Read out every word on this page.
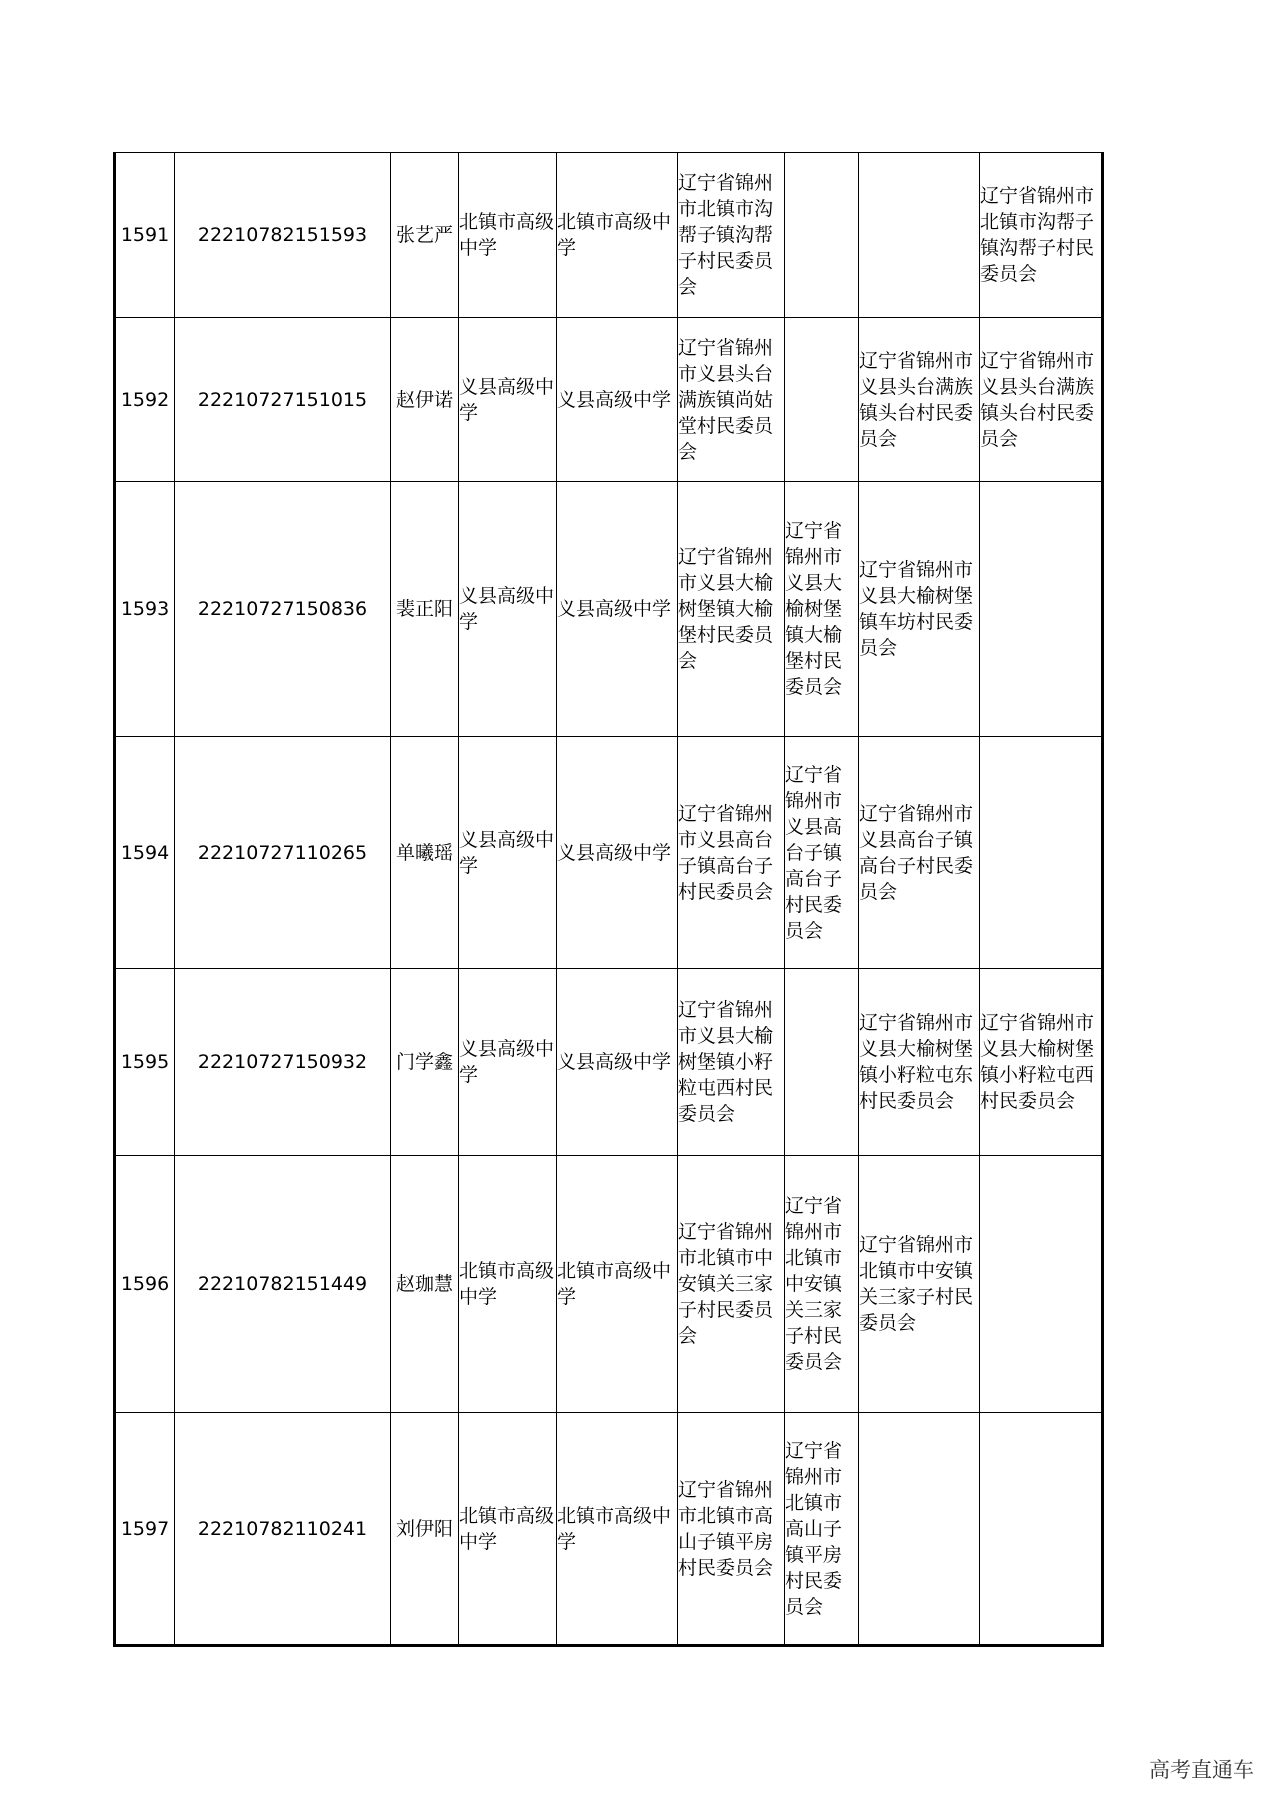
1591	22210782151593	张艺严	北镇市高级中学	北镇市高级中学	辽宁省锦州市北镇市沟帮子镇沟帮子村民委员会			辽宁省锦州市北镇市沟帮子镇沟帮子村民委员会
1592	22210727151015	赵伊诺	义县高级中学	义县高级中学	辽宁省锦州市义县头台满族镇尚姑堂村民委员会		辽宁省锦州市义县头台满族镇头台村民委员会	辽宁省锦州市义县头台满族镇头台村民委员会
1593	22210727150836	裴正阳	义县高级中学	义县高级中学	辽宁省锦州市义县大榆树堡镇大榆堡村民委员会	辽宁省锦州市义县大榆树堡镇大榆堡村民委员会	辽宁省锦州市义县大榆树堡镇车坊村民委员会	
1594	22210727110265	单曦瑶	义县高级中学	义县高级中学	辽宁省锦州市义县高台子镇高台子村民委员会	辽宁省锦州市义县高台子镇高台子村民委员会	辽宁省锦州市义县高台子镇高台子村民委员会	
1595	22210727150932	门学鑫	义县高级中学	义县高级中学	辽宁省锦州市义县大榆树堡镇小籽粒屯西村民委员会		辽宁省锦州市义县大榆树堡镇小籽粒屯东村民委员会	辽宁省锦州市义县大榆树堡镇小籽粒屯西村民委员会
1596	22210782151449	赵珈慧	北镇市高级中学	北镇市高级中学	辽宁省锦州市北镇市中安镇关三家子村民委员会	辽宁省锦州市北镇市中安镇关三家子村民委员会	辽宁省锦州市北镇市中安镇关三家子村民委员会	
1597	22210782110241	刘伊阳	北镇市高级中学	北镇市高级中学	辽宁省锦州市北镇市高山子镇平房村民委员会	辽宁省锦州市北镇市高山子镇平房村民委员会		
高考直通车
